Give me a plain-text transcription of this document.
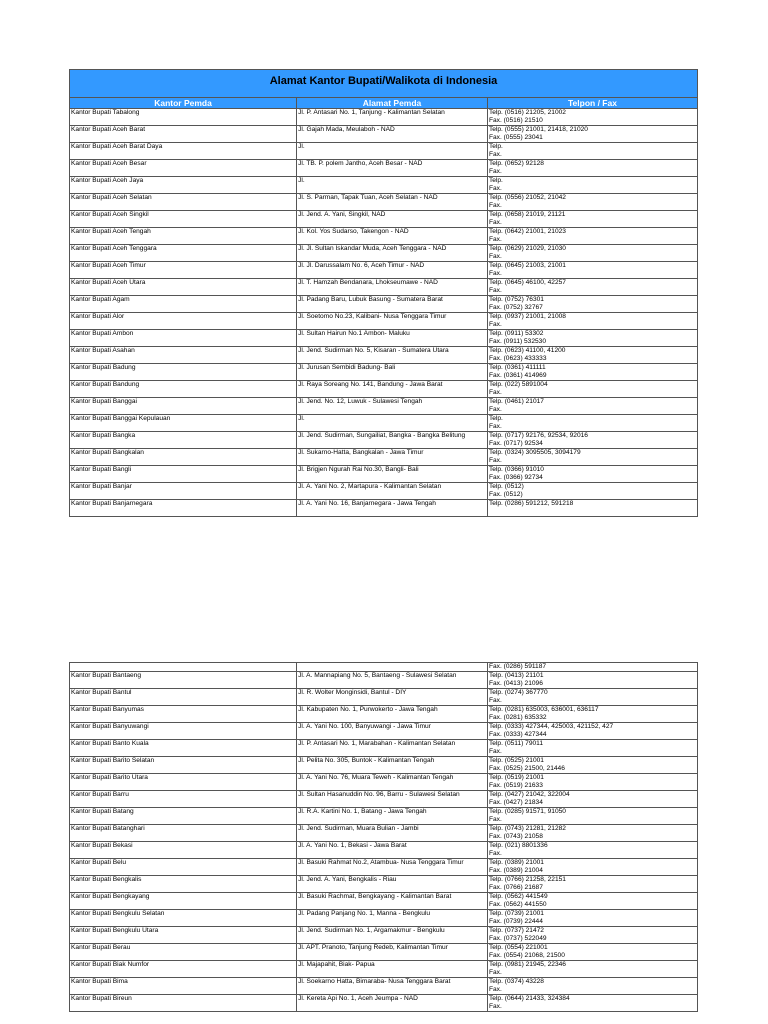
Alamat Kantor Bupati/Walikota di Indonesia		
Kantor Pemda	Alamat Pemda	Telpon / Fax
Kantor Bupati Tabalong	Jl. P. Antasari No. 1, Tanjung - Kalimantan Selatan	Telp. (0516) 21205, 21002
Fax. (0516) 21510

Kantor Bupati Aceh Barat	Jl. Gajah Mada, Meulaboh - NAD	Telp. (0555) 21001, 21418, 21020
Fax. (0555) 23041

Kantor Bupati Aceh Barat Daya	Jl.	Telp.
Fax.

Kantor Bupati Aceh Besar	Jl. TB. P. polem Jantho, Aceh Besar - NAD	Telp. (0652) 92128
Fax.

Kantor Bupati Aceh Jaya	Jl.	Telp.
Fax.

Kantor Bupati Aceh Selatan	Jl. S. Parman, Tapak Tuan, Aceh Selatan - NAD	Telp. (0556) 21052, 21042
Fax.

Kantor Bupati Aceh Singkil	Jl. Jend. A. Yani, Singkil, NAD	Telp. (0658) 21019, 21121
Fax.

Kantor Bupati Aceh Tengah	Jl. Kol. Yos Sudarso, Takengon - NAD	Telp. (0642) 21001, 21023
Fax.

Kantor Bupati Aceh Tenggara	Jl. Jl. Sultan Iskandar Muda, Aceh Tenggara - NAD	Telp. (0629) 21029, 21030
Fax.

Kantor Bupati Aceh Timur	Jl. Jl. Darussalam No. 6, Aceh Timur - NAD	Telp. (0645) 21003, 21001
Fax.

Kantor Bupati Aceh Utara	Jl. T. Hamzah Bendanara, Lhokseumawe - NAD	Telp. (0645) 46100, 42257
Fax.

Kantor Bupati Agam	Jl. Padang Baru, Lubuk Basung - Sumatera Barat	Telp. (0752) 76301
Fax. (0752) 32767

Kantor Bupati Alor	Jl. Soetomo No.23, Kalibani- Nusa Tenggara Timur	Telp. (0937) 21001, 21008
Fax.

Kantor Bupati Ambon	Jl. Sultan Hairun No.1 Ambon- Maluku	Telp. (0911) 53302
Fax. (0911) 532530

Kantor Bupati Asahan	Jl. Jend. Sudirman No. 5, Kisaran - Sumatera Utara	Telp. (0623) 41100, 41200
Fax. (0623) 433333

Kantor Bupati Badung	Jl. Jurusan Sembidi Badung- Bali	Telp. (0361) 411111
Fax. (0361) 414969

Kantor Bupati Bandung	Jl. Raya Soreang No. 141, Bandung - Jawa Barat	Telp. (022) 5891004
Fax.

Kantor Bupati Banggai	Jl. Jend. No. 12, Luwuk - Sulawesi Tengah	Telp. (0461) 21017
Fax.

Kantor Bupati Banggai Kepulauan	Jl.	Telp.
Fax.

Kantor Bupati Bangka	Jl. Jend. Sudirman, Sungailiat, Bangka - Bangka Belitung	Telp. (0717) 92176, 92534, 92016
Fax. (0717) 92534

Kantor Bupati Bangkalan	Jl. Sukarno-Hatta, Bangkalan - Jawa Timur	Telp. (0324) 3095505, 3094179
Fax.

Kantor Bupati Bangli	Jl. Brigjen Ngurah Rai No.30, Bangli- Bali	Telp. (0366) 91010
Fax. (0366) 92734

Kantor Bupati Banjar	Jl. A. Yani No. 2, Martapura - Kalimantan Selatan	Telp. (0512)
Fax. (0512)

Kantor Bupati Banjarnegara	Jl. A. Yani No. 16, Banjarnegara - Jawa Tengah	Telp. (0286) 591212, 591218
		Fax. (0286) 591187
Kantor Bupati Bantaeng	Jl. A. Mannapiang No. 5, Bantaeng - Sulawesi Selatan	Telp. (0413) 21101
Fax. (0413) 21096

Kantor Bupati Bantul	Jl. R. Wolter Monginsidi, Bantul - DIY	Telp. (0274) 367770
Fax.

Kantor Bupati Banyumas	Jl. Kabupaten No. 1, Purwokerto - Jawa Tengah	Telp. (0281) 635003, 636001, 636117
Fax. (0281) 635332

Kantor Bupati Banyuwangi	Jl. A. Yani No. 100, Banyuwangi - Jawa Timur	Telp. (0333) 427344, 425003, 421152, 427
Fax. (0333) 427344

Kantor Bupati Banto Kuala	Jl. P. Antasari No. 1, Marabahan - Kalimantan Selatan	Telp. (0511) 79011
Fax.

Kantor Bupati Barito Selatan	Jl. Pelita No. 305, Buntok - Kalimantan Tengah	Telp. (0525) 21001
Fax. (0525) 21500, 21446

Kantor Bupati Barito Utara	Jl. A. Yani No. 76, Muara Teweh - Kalimantan Tengah	Telp. (0519) 21001
Fax. (0519) 21633

Kantor Bupati Barru	Jl. Sultan Hasanuddin No. 96, Barru - Sulawesi Selatan	Telp. (0427) 21042, 322004
Fax. (0427) 21834

Kantor Bupati Batang	Jl. R.A. Kartini No. 1, Batang - Jawa Tengah	Telp. (0285) 91571, 91050
Fax.

Kantor Bupati Batanghari	Jl. Jend. Sudirman, Muara Bulian - Jambi	Telp. (0743) 21281, 21282
Fax. (0743) 21058

Kantor Bupati Bekasi	Jl. A. Yani No. 1, Bekasi - Jawa Barat	Telp. (021) 8801336
Fax.

Kantor Bupati Belu	Jl. Basuki Rahmat No.2, Atambua- Nusa Tenggara Timur	Telp. (0389) 21001
Fax. (0389) 21004

Kantor Bupati Bengkalis	Jl. Jend. A. Yani, Bengkalis - Riau	Telp. (0766) 21258, 22151
Fax. (0766) 21687

Kantor Bupati Bengkayang	Jl. Basuki Rachmat, Bengkayang - Kalimantan Barat	Telp. (0562) 441549
Fax. (0562) 441550

Kantor Bupati Bengkulu Selatan	Jl. Padang Panjang No. 1, Manna - Bengkulu	Telp. (0739) 21001
Fax. (0739) 22444

Kantor Bupati Bengkulu Utara	Jl. Jend. Sudirman No. 1, Argamakmur - Bengkulu	Telp. (0737) 21472
Fax. (0737) 522049

Kantor Bupati Berau	Jl. APT. Pranoto, Tanjung Redeb, Kalimantan Timur	Telp. (0554) 221001
Fax. (0554) 21068, 21500

Kantor Bupati Biak Numfor	Jl. Majapahit, Biak- Papua	Telp. (0981) 21945, 22346
Fax.

Kantor Bupati Bima	Jl. Soekarno Hatta, Bimaraba- Nusa Tenggara Barat	Telp. (0374) 43228
Fax.

Kantor Bupati Bireun	Jl. Kereta Api No. 1, Aceh Jeumpa - NAD	Telp. (0644) 21433, 324384
Fax.
